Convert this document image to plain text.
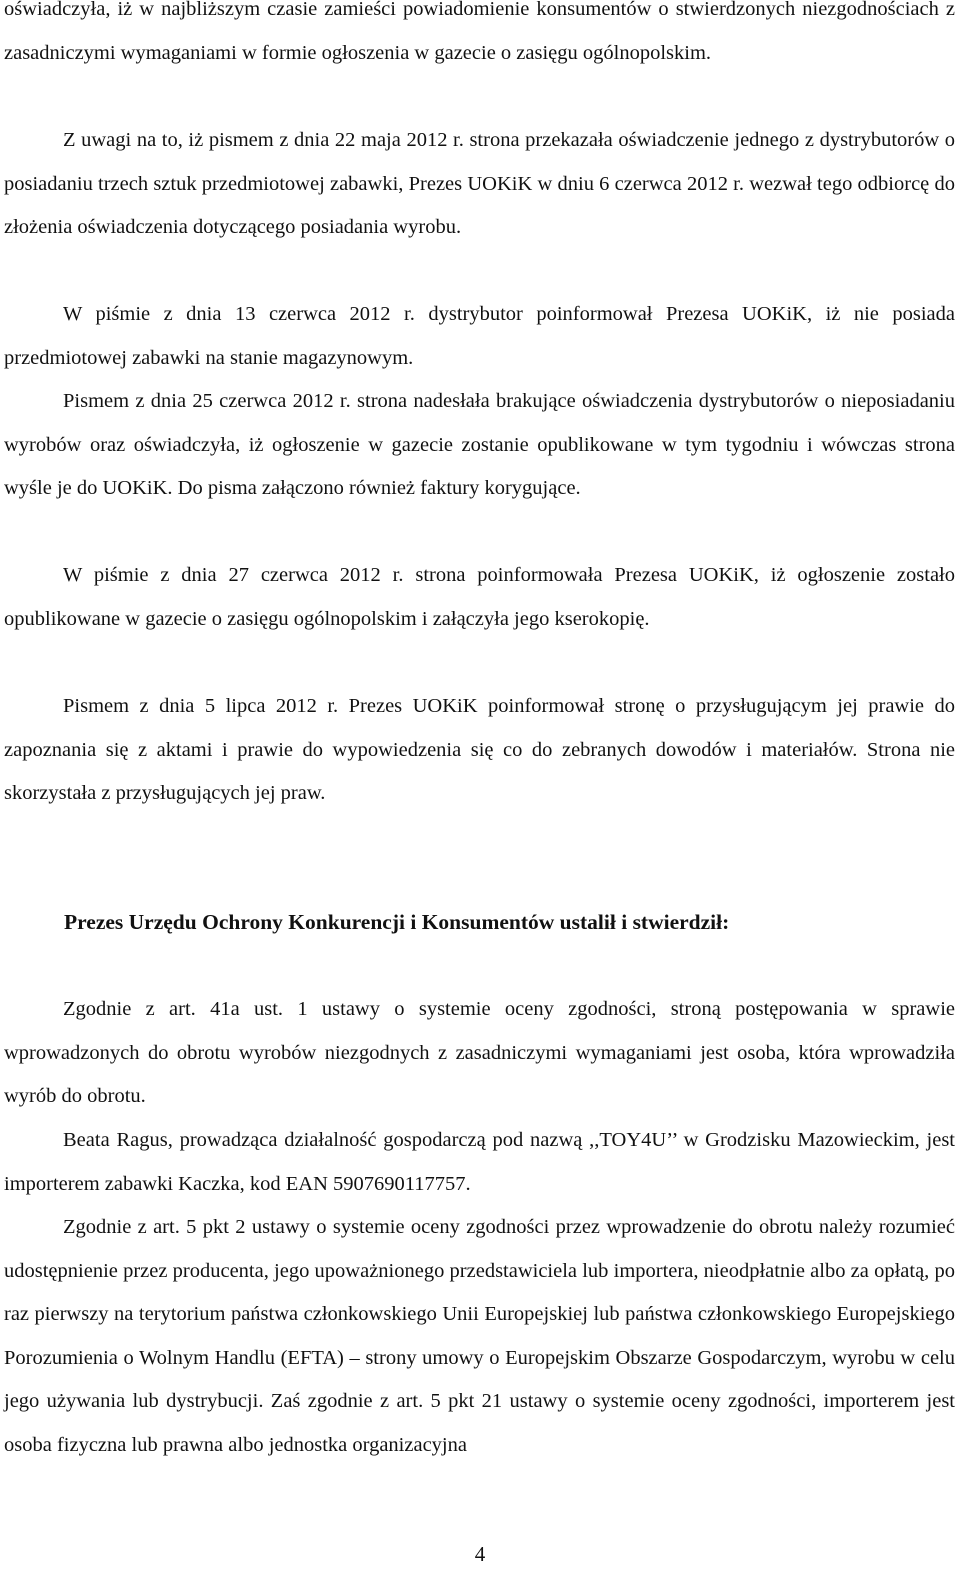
oświadczyła, iż w najbliższym czasie zamieści powiadomienie konsumentów o stwierdzonych niezgodnościach z zasadniczymi wymaganiami w formie ogłoszenia w gazecie o zasięgu ogólnopolskim.

Z uwagi na to, iż pismem z dnia 22 maja 2012 r. strona przekazała oświadczenie jednego z dystrybutorów o posiadaniu trzech sztuk przedmiotowej zabawki, Prezes UOKiK w dniu 6 czerwca 2012 r. wezwał tego odbiorcę do złożenia oświadczenia dotyczącego posiadania wyrobu.

W piśmie z dnia 13 czerwca 2012 r. dystrybutor poinformował Prezesa UOKiK, iż nie posiada przedmiotowej zabawki na stanie magazynowym.

Pismem z dnia 25 czerwca 2012 r. strona nadesłała brakujące oświadczenia dystrybutorów o nieposiadaniu wyrobów oraz oświadczyła, iż ogłoszenie w gazecie zostanie opublikowane w tym tygodniu i wówczas strona wyśle je do UOKiK. Do pisma załączono również faktury korygujące.

W piśmie z dnia 27 czerwca 2012 r. strona poinformowała Prezesa UOKiK, iż ogłoszenie zostało opublikowane w gazecie o zasięgu ogólnopolskim i załączyła jego kserokopię.

Pismem z dnia 5 lipca 2012 r. Prezes UOKiK poinformował stronę o przysługującym jej prawie do zapoznania się z aktami i prawie do wypowiedzenia się co do zebranych dowodów i materiałów. Strona nie skorzystała z przysługujących jej praw.

Prezes Urzędu Ochrony Konkurencji i Konsumentów ustalił i stwierdził:

Zgodnie z art. 41a ust. 1 ustawy o systemie oceny zgodności, stroną postępowania w sprawie wprowadzonych do obrotu wyrobów niezgodnych z zasadniczymi wymaganiami jest osoba, która wprowadziła wyrób do obrotu.

Beata Ragus, prowadząca działalność gospodarczą pod nazwą ,,TOY4U’’ w Grodzisku Mazowieckim, jest importerem zabawki Kaczka, kod EAN 5907690117757.

Zgodnie z art. 5 pkt 2 ustawy o systemie oceny zgodności przez wprowadzenie do obrotu należy rozumieć udostępnienie przez producenta, jego upoważnionego przedstawiciela lub importera, nieodpłatnie albo za opłatą, po raz pierwszy na terytorium państwa członkowskiego Unii Europejskiej lub państwa członkowskiego Europejskiego Porozumienia o Wolnym Handlu (EFTA) – strony umowy o Europejskim Obszarze Gospodarczym, wyrobu w celu jego używania lub dystrybucji. Zaś zgodnie z art. 5 pkt 21 ustawy o systemie oceny zgodności, importerem jest osoba fizyczna lub prawna albo jednostka organizacyjna

4
